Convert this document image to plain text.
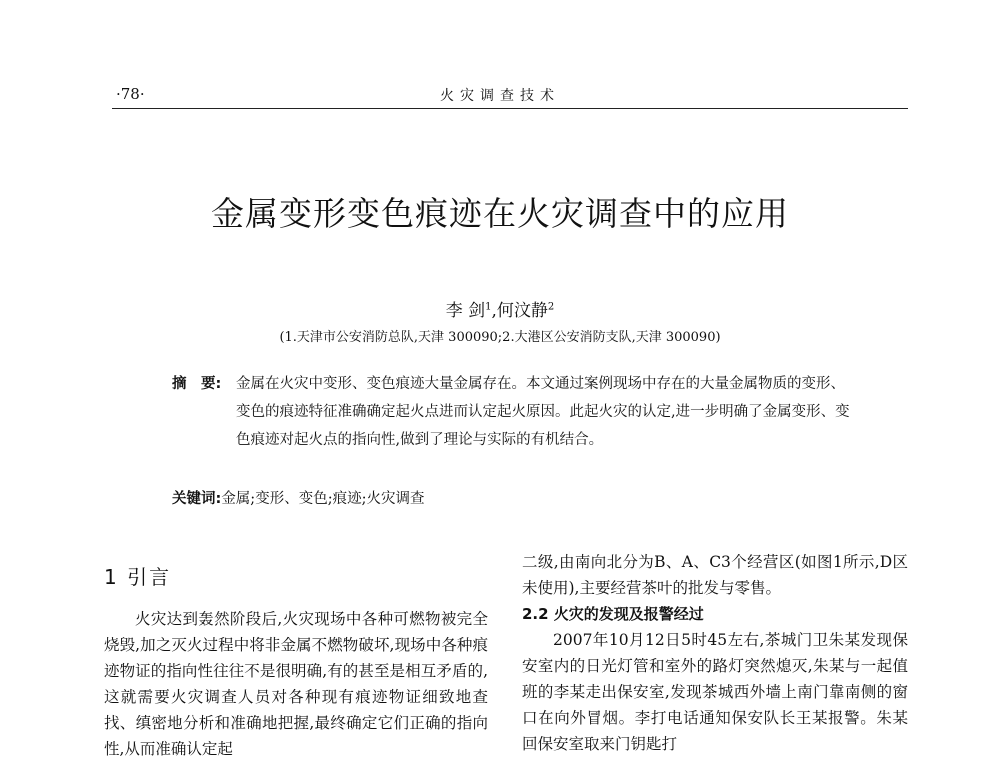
·78·	火灾调查技术
金属变形变色痕迹在火灾调查中的应用
李 剑$^1$,何汶静$^2$
(1.天津市公安消防总队,天津 300090;2.大港区公安消防支队,天津 300090)
摘　要:	金属在火灾中变形、变色痕迹大量金属存在。本文通过案例现场中存在的大量金属物质的变形、变色的痕迹特征准确确定起火点进而认定起火原因。此起火灾的认定,进一步明确了金属变形、变色痕迹对起火点的指向性,做到了理论与实际的有机结合。
关键词:金属;变形、变色;痕迹;火灾调查
1 引言

火灾达到轰然阶段后,火灾现场中各种可燃物被完全烧毁,加之灭火过程中将非金属不燃物破坏,现场中各种痕迹物证的指向性往往不是很明确,有的甚至是相互矛盾的,这就需要火灾调查人员对各种现有痕迹物证细致地查找、缜密地分析和准确地把握,最终确定它们正确的指向性,从而准确认定起

二级,由南向北分为B、A、C3个经营区(如图1所示,D区未使用),主要经营茶叶的批发与零售。

2.2 火灾的发现及报警经过

2007年10月12日5时45左右,茶城门卫朱某发现保安室内的日光灯管和室外的路灯突然熄灭,朱某与一起值班的李某走出保安室,发现茶城西外墙上南门靠南侧的窗口在向外冒烟。李打电话通知保安队长王某报警。朱某回保安室取来门钥匙打
